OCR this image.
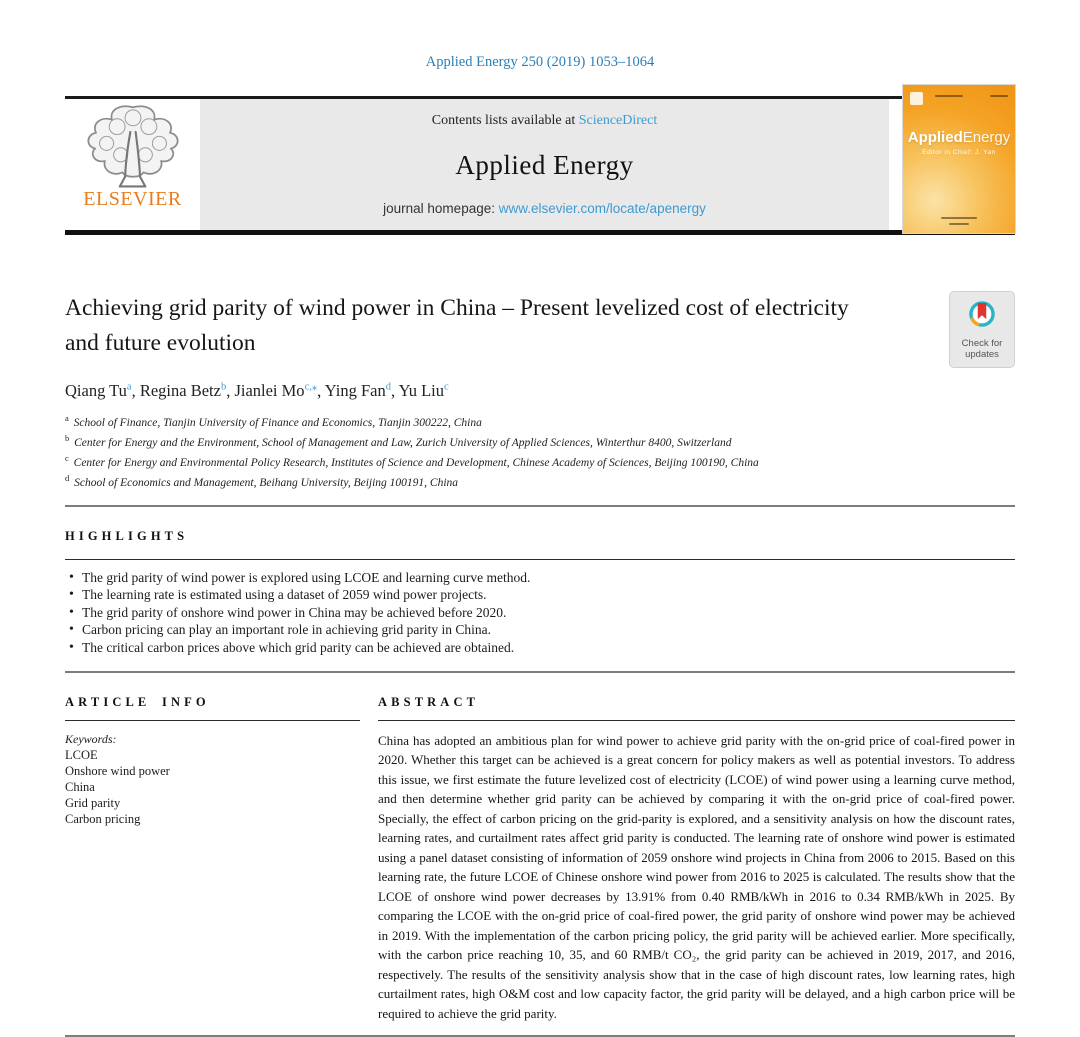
Applied Energy 250 (2019) 1053–1064
ELSEVIER
Contents lists available at ScienceDirect
Applied Energy
journal homepage: www.elsevier.com/locate/apenergy
AppliedEnergy
Editor in Chief: J. Yan
Achieving grid parity of wind power in China – Present levelized cost of electricity and future evolution	Check for updates
Qiang Tu$^a$, Regina Betz$^b$, Jianlei $Mo^{c,⁎}$, Ying Fan$^d$, Yu Liu$^c$
$^a$ School of Finance, Tianjin University of Finance and Economics, Tianjin 300222, China
$^b$ Center for Energy and the Environment, School of Management and Law, Zurich University of Applied Sciences, Winterthur 8400, Switzerland
$^c$ Center for Energy and Environmental Policy Research, Institutes of Science and Development, Chinese Academy of Sciences, Beijing 100190, China
$^d$ School of Economics and Management, Beihang University, Beijing 100191, China
HIGHLIGHTS
• The grid parity of wind power is explored using LCOE and learning curve method.
• The learning rate is estimated using a dataset of 2059 wind power projects.
• The grid parity of onshore wind power in China may be achieved before 2020.
• Carbon pricing can play an important role in achieving grid parity in China.
• The critical carbon prices above which grid parity can be achieved are obtained.
ARTICLE INFO
Keywords:
LCOE
Onshore wind power
China
Grid parity
Carbon pricing
ABSTRACT
China has adopted an ambitious plan for wind power to achieve grid parity with the on-grid price of coal-fired power in 2020. Whether this target can be achieved is a great concern for policy makers as well as potential investors. To address this issue, we first estimate the future levelized cost of electricity (LCOE) of wind power using a learning curve method, and then determine whether grid parity can be achieved by comparing it with the on-grid price of coal-fired power. Specially, the effect of carbon pricing on the grid-parity is explored, and a sensitivity analysis on how the discount rates, learning rates, and curtailment rates affect grid parity is conducted. The learning rate of onshore wind power is estimated using a panel dataset consisting of information of 2059 onshore wind projects in China from 2006 to 2015. Based on this learning rate, the future LCOE of Chinese onshore wind power from 2016 to 2025 is calculated. The results show that the LCOE of onshore wind power decreases by 13.91% from 0.40 RMB/kWh in 2016 to 0.34 RMB/kWh in 2025. By comparing the LCOE with the on-grid price of coal-fired power, the grid parity of onshore wind power may be achieved in 2019. With the implementation of the carbon pricing policy, the grid parity will be achieved earlier. More specifically, with the carbon price reaching 10, 35, and 60 RMB/t CO₂, the grid parity can be achieved in 2019, 2017, and 2016, respectively. The results of the sensitivity analysis show that in the case of high discount rates, low learning rates, high curtailment rates, high O&M cost and low capacity factor, the grid parity will be delayed, and a high carbon price will be required to achieve the grid parity.
